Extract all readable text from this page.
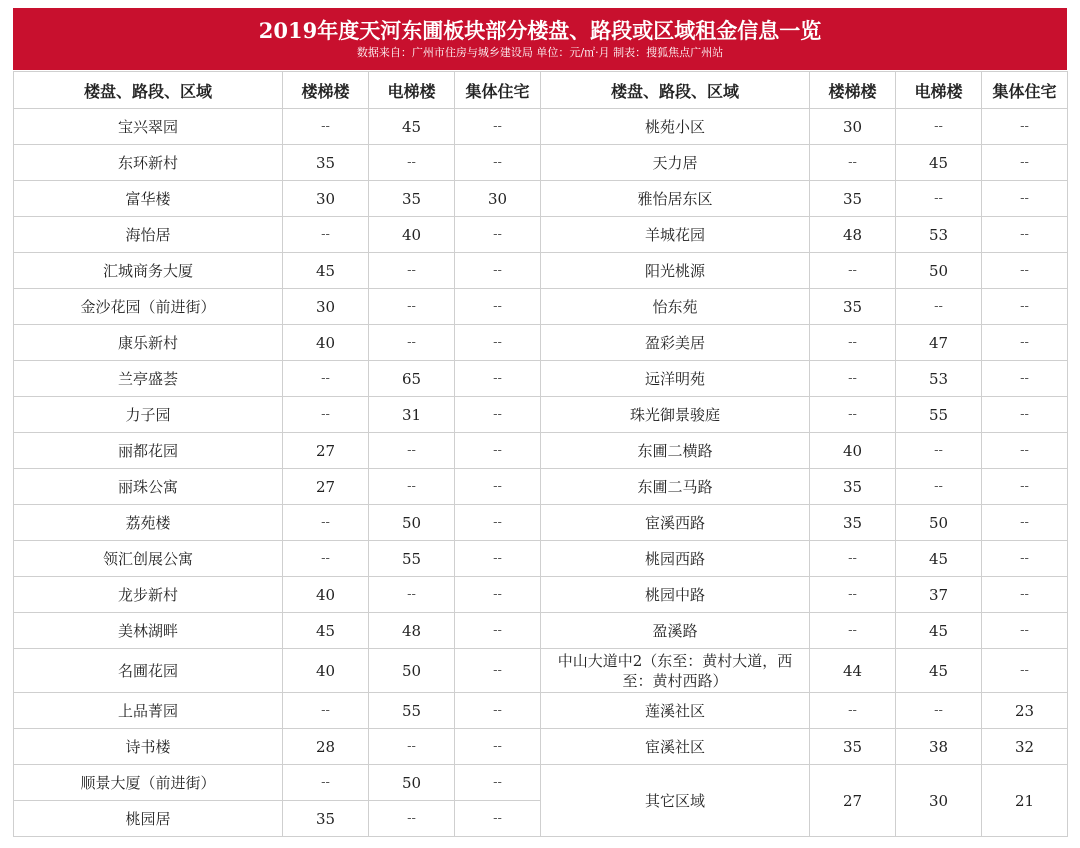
2019年度天河东圃板块部分楼盘、路段或区域租金信息一览
数据来自：广州市住房与城乡建设局 单位：元/㎡·月 制表：搜狐焦点广州站
楼盘、路段、区域	楼梯楼	电梯楼	集体住宅	楼盘、路段、区域	楼梯楼	电梯楼	集体住宅
宝兴翠园	--	45	--	桃苑小区	30	--	--
东环新村	35	--	--	天力居	--	45	--
富华楼	30	35	30	雅怡居东区	35	--	--
海怡居	--	40	--	羊城花园	48	53	--
汇城商务大厦	45	--	--	阳光桃源	--	50	--
金沙花园（前进街）	30	--	--	怡东苑	35	--	--
康乐新村	40	--	--	盈彩美居	--	47	--
兰亭盛荟	--	65	--	远洋明苑	--	53	--
力子园	--	31	--	珠光御景骏庭	--	55	--
丽都花园	27	--	--	东圃二横路	40	--	--
丽珠公寓	27	--	--	东圃二马路	35	--	--
荔苑楼	--	50	--	宦溪西路	35	50	--
领汇创展公寓	--	55	--	桃园西路	--	45	--
龙步新村	40	--	--	桃园中路	--	37	--
美林湖畔	45	48	--	盈溪路	--	45	--
名圃花园	40	50	--	中山大道中2（东至：黄村大道，西至：黄村西路）	44	45	--
上品菁园	--	55	--	莲溪社区	--	--	23
诗书楼	28	--	--	宦溪社区	35	38	32
顺景大厦（前进街）	--	50	--	其它区域	27	30	21
桃园居	35	--	--				
